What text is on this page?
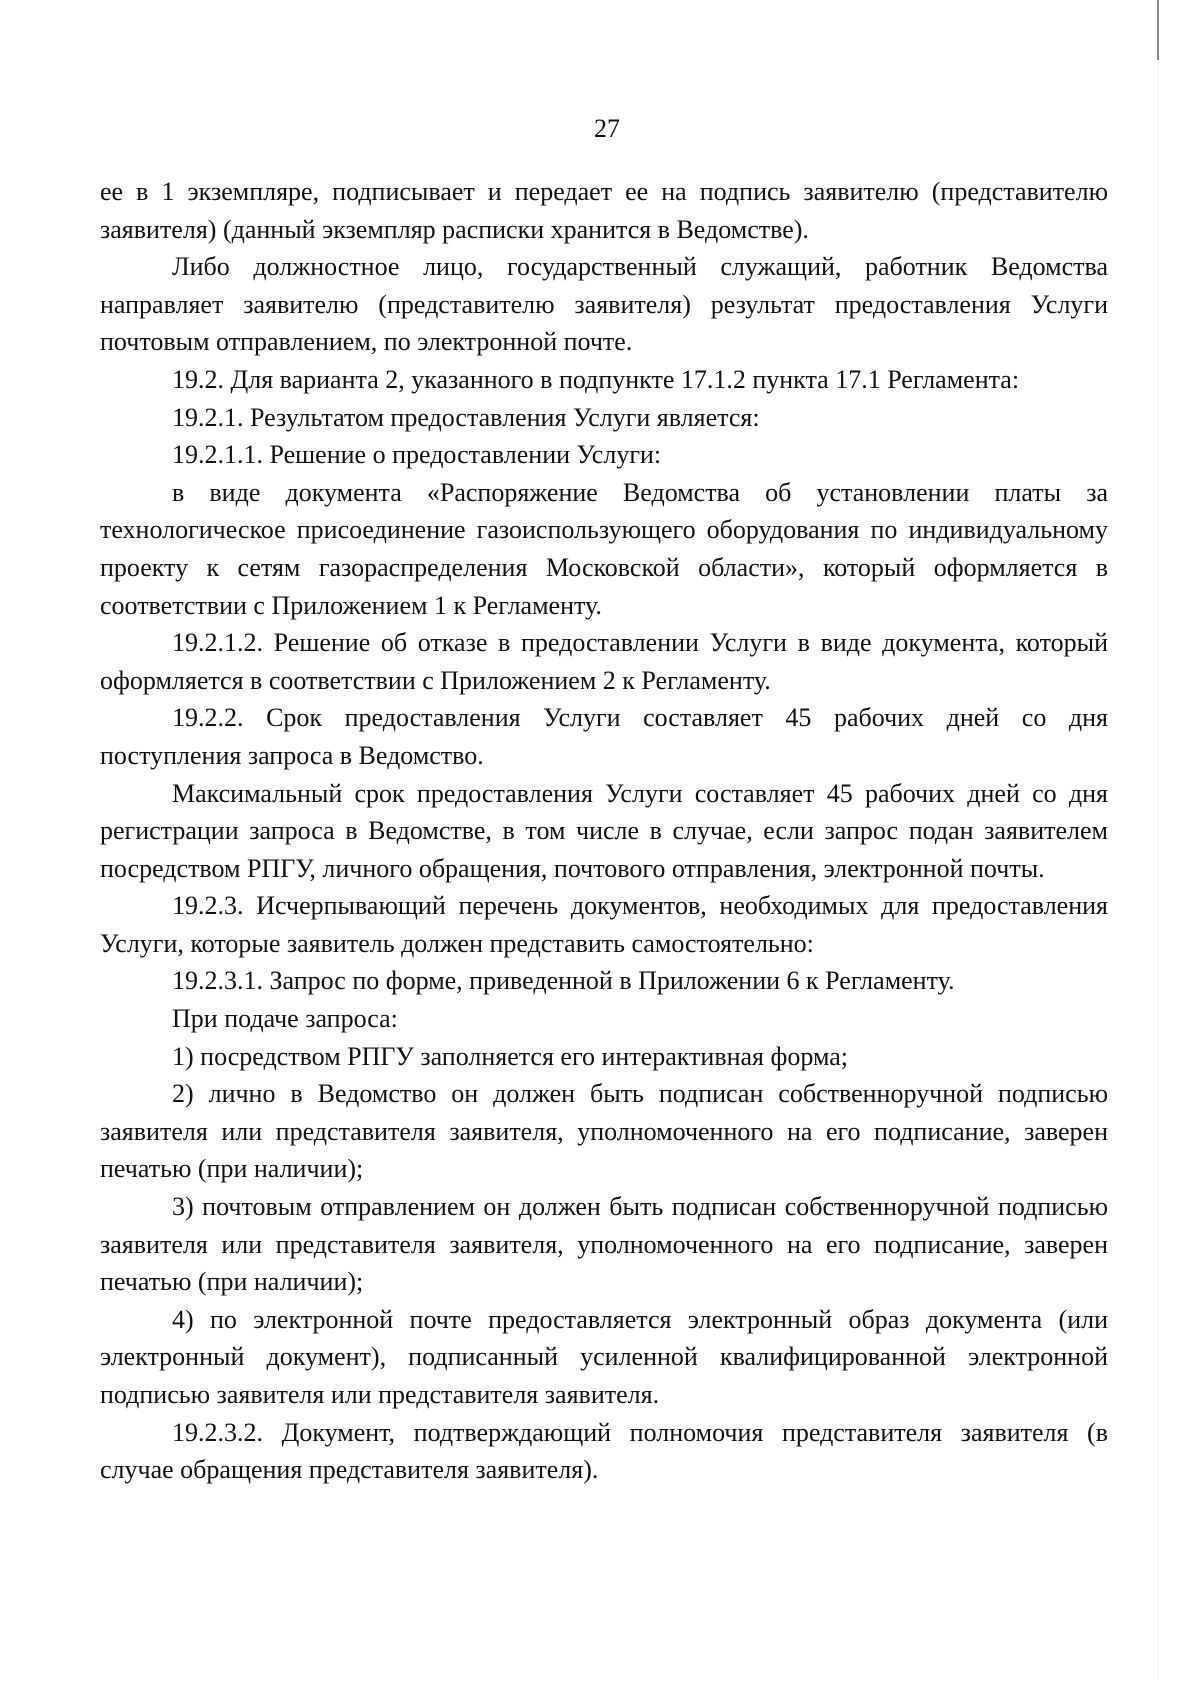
27

ее в 1 экземпляре, подписывает и передает ее на подпись заявителю (представителю заявителя) (данный экземпляр расписки хранится в Ведомстве).

Либо должностное лицо, государственный служащий, работник Ведомства направляет заявителю (представителю заявителя) результат предоставления Услуги почтовым отправлением, по электронной почте.

19.2. Для варианта 2, указанного в подпункте 17.1.2 пункта 17.1 Регламента:

19.2.1. Результатом предоставления Услуги является:

19.2.1.1. Решение о предоставлении Услуги:

в виде документа «Распоряжение Ведомства об установлении платы за технологическое присоединение газоиспользующего оборудования по индивидуальному проекту к сетям газораспределения Московской области», который оформляется в соответствии с Приложением 1 к Регламенту.

19.2.1.2. Решение об отказе в предоставлении Услуги в виде документа, который оформляется в соответствии с Приложением 2 к Регламенту.

19.2.2. Срок предоставления Услуги составляет 45 рабочих дней со дня поступления запроса в Ведомство.

Максимальный срок предоставления Услуги составляет 45 рабочих дней со дня регистрации запроса в Ведомстве, в том числе в случае, если запрос подан заявителем посредством РПГУ, личного обращения, почтового отправления, электронной почты.

19.2.3. Исчерпывающий перечень документов, необходимых для предоставления Услуги, которые заявитель должен представить самостоятельно:

19.2.3.1. Запрос по форме, приведенной в Приложении 6 к Регламенту.

При подаче запроса:

1) посредством РПГУ заполняется его интерактивная форма;

2) лично в Ведомство он должен быть подписан собственноручной подписью заявителя или представителя заявителя, уполномоченного на его подписание, заверен печатью (при наличии);

3) почтовым отправлением он должен быть подписан собственноручной подписью заявителя или представителя заявителя, уполномоченного на его подписание, заверен печатью (при наличии);

4) по электронной почте предоставляется электронный образ документа (или электронный документ), подписанный усиленной квалифицированной электронной подписью заявителя или представителя заявителя.

19.2.3.2. Документ, подтверждающий полномочия представителя заявителя (в случае обращения представителя заявителя).
